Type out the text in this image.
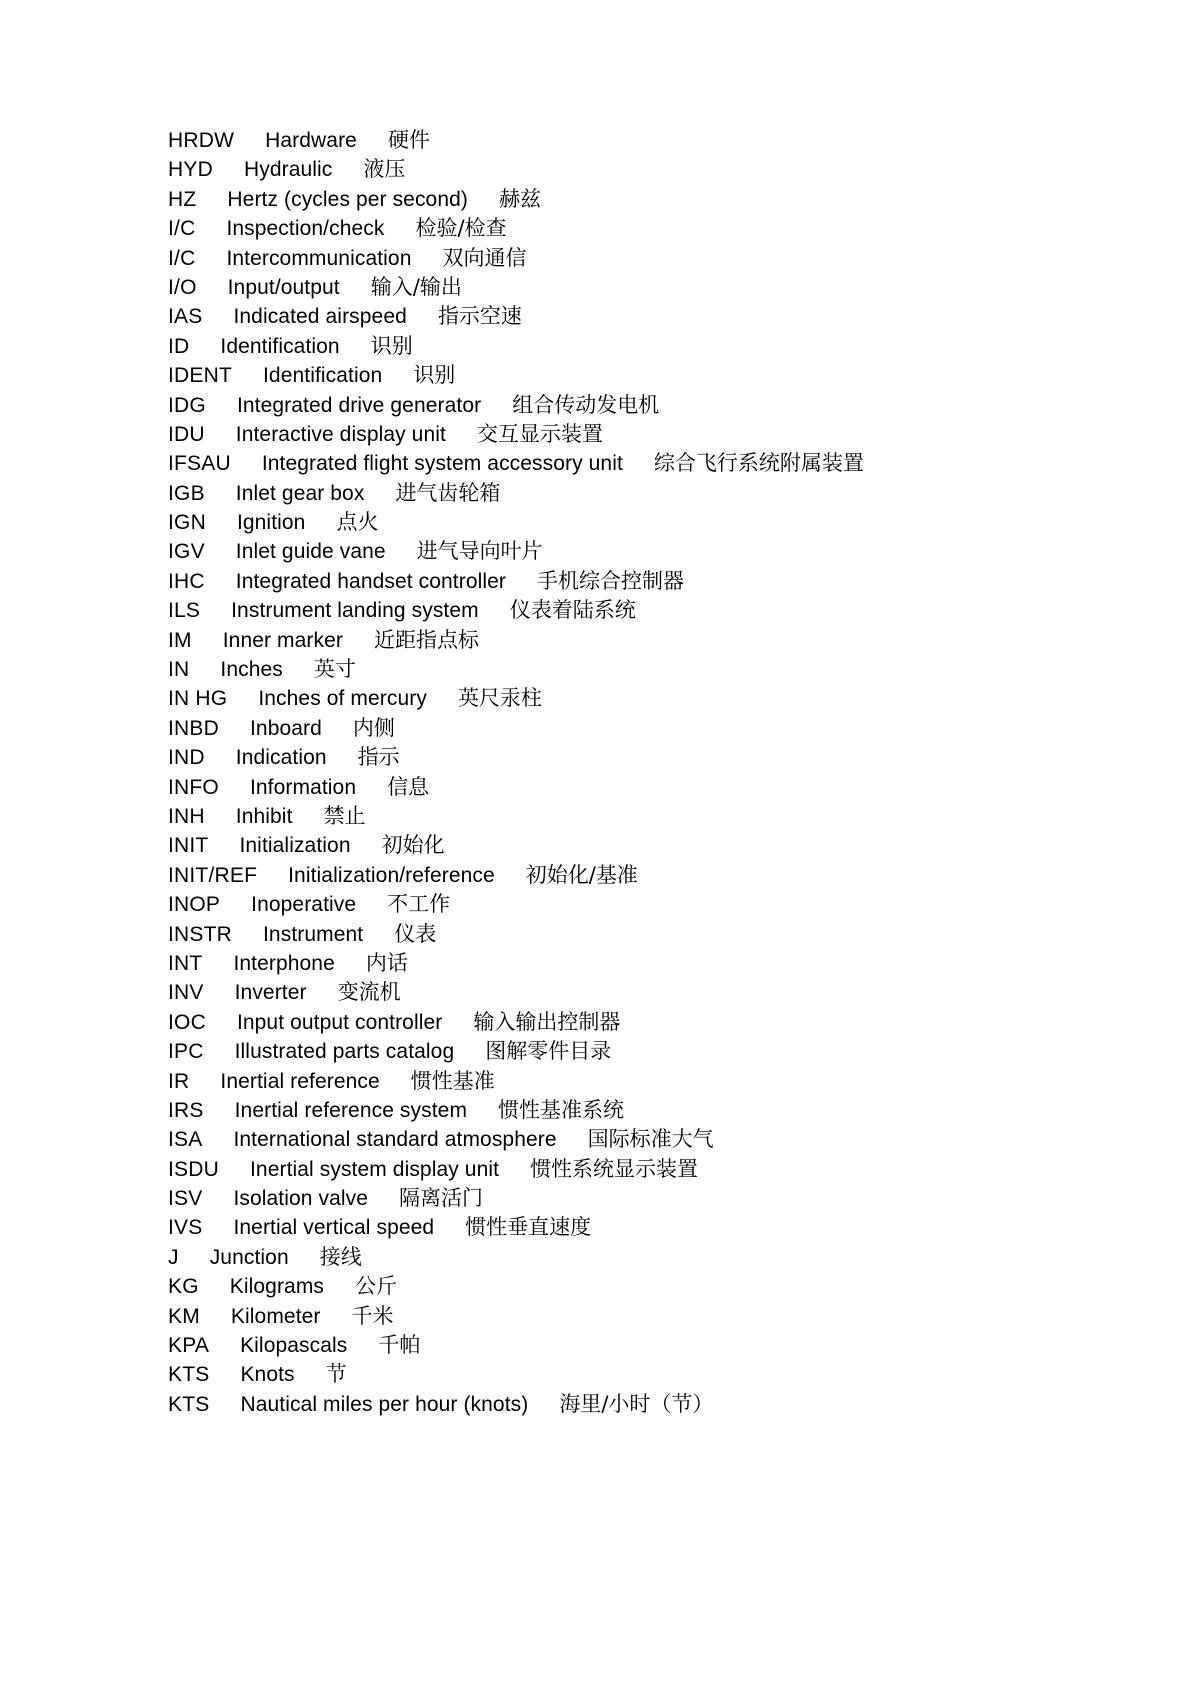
HRDW Hardware 硬件
HYD Hydraulic 液压
HZ Hertz (cycles per second) 赫兹
I/C Inspection/check 检验/检查
I/C Intercommunication 双向通信
I/O Input/output 输入/输出
IAS Indicated airspeed 指示空速
ID Identification 识别
IDENT Identification 识别
IDG Integrated drive generator 组合传动发电机
IDU Interactive display unit 交互显示装置
IFSAU Integrated flight system accessory unit 综合飞行系统附属装置
IGB Inlet gear box 进气齿轮箱
IGN Ignition 点火
IGV Inlet guide vane 进气导向叶片
IHC Integrated handset controller 手机综合控制器
ILS Instrument landing system 仪表着陆系统
IM Inner marker 近距指点标
IN Inches 英寸
IN HG Inches of mercury 英尺汞柱
INBD Inboard 内侧
IND Indication 指示
INFO Information 信息
INH Inhibit 禁止
INIT Initialization 初始化
INIT/REF Initialization/reference 初始化/基准
INOP Inoperative 不工作
INSTR Instrument 仪表
INT Interphone 内话
INV Inverter 变流机
IOC Input output controller 输入输出控制器
IPC Illustrated parts catalog 图解零件目录
IR Inertial reference 惯性基准
IRS Inertial reference system 惯性基准系统
ISA International standard atmosphere 国际标准大气
ISDU Inertial system display unit 惯性系统显示装置
ISV Isolation valve 隔离活门
IVS Inertial vertical speed 惯性垂直速度
J Junction 接线
KG Kilograms 公斤
KM Kilometer 千米
KPA Kilopascals 千帕
KTS Knots 节
KTS Nautical miles per hour (knots) 海里/小时（节）
